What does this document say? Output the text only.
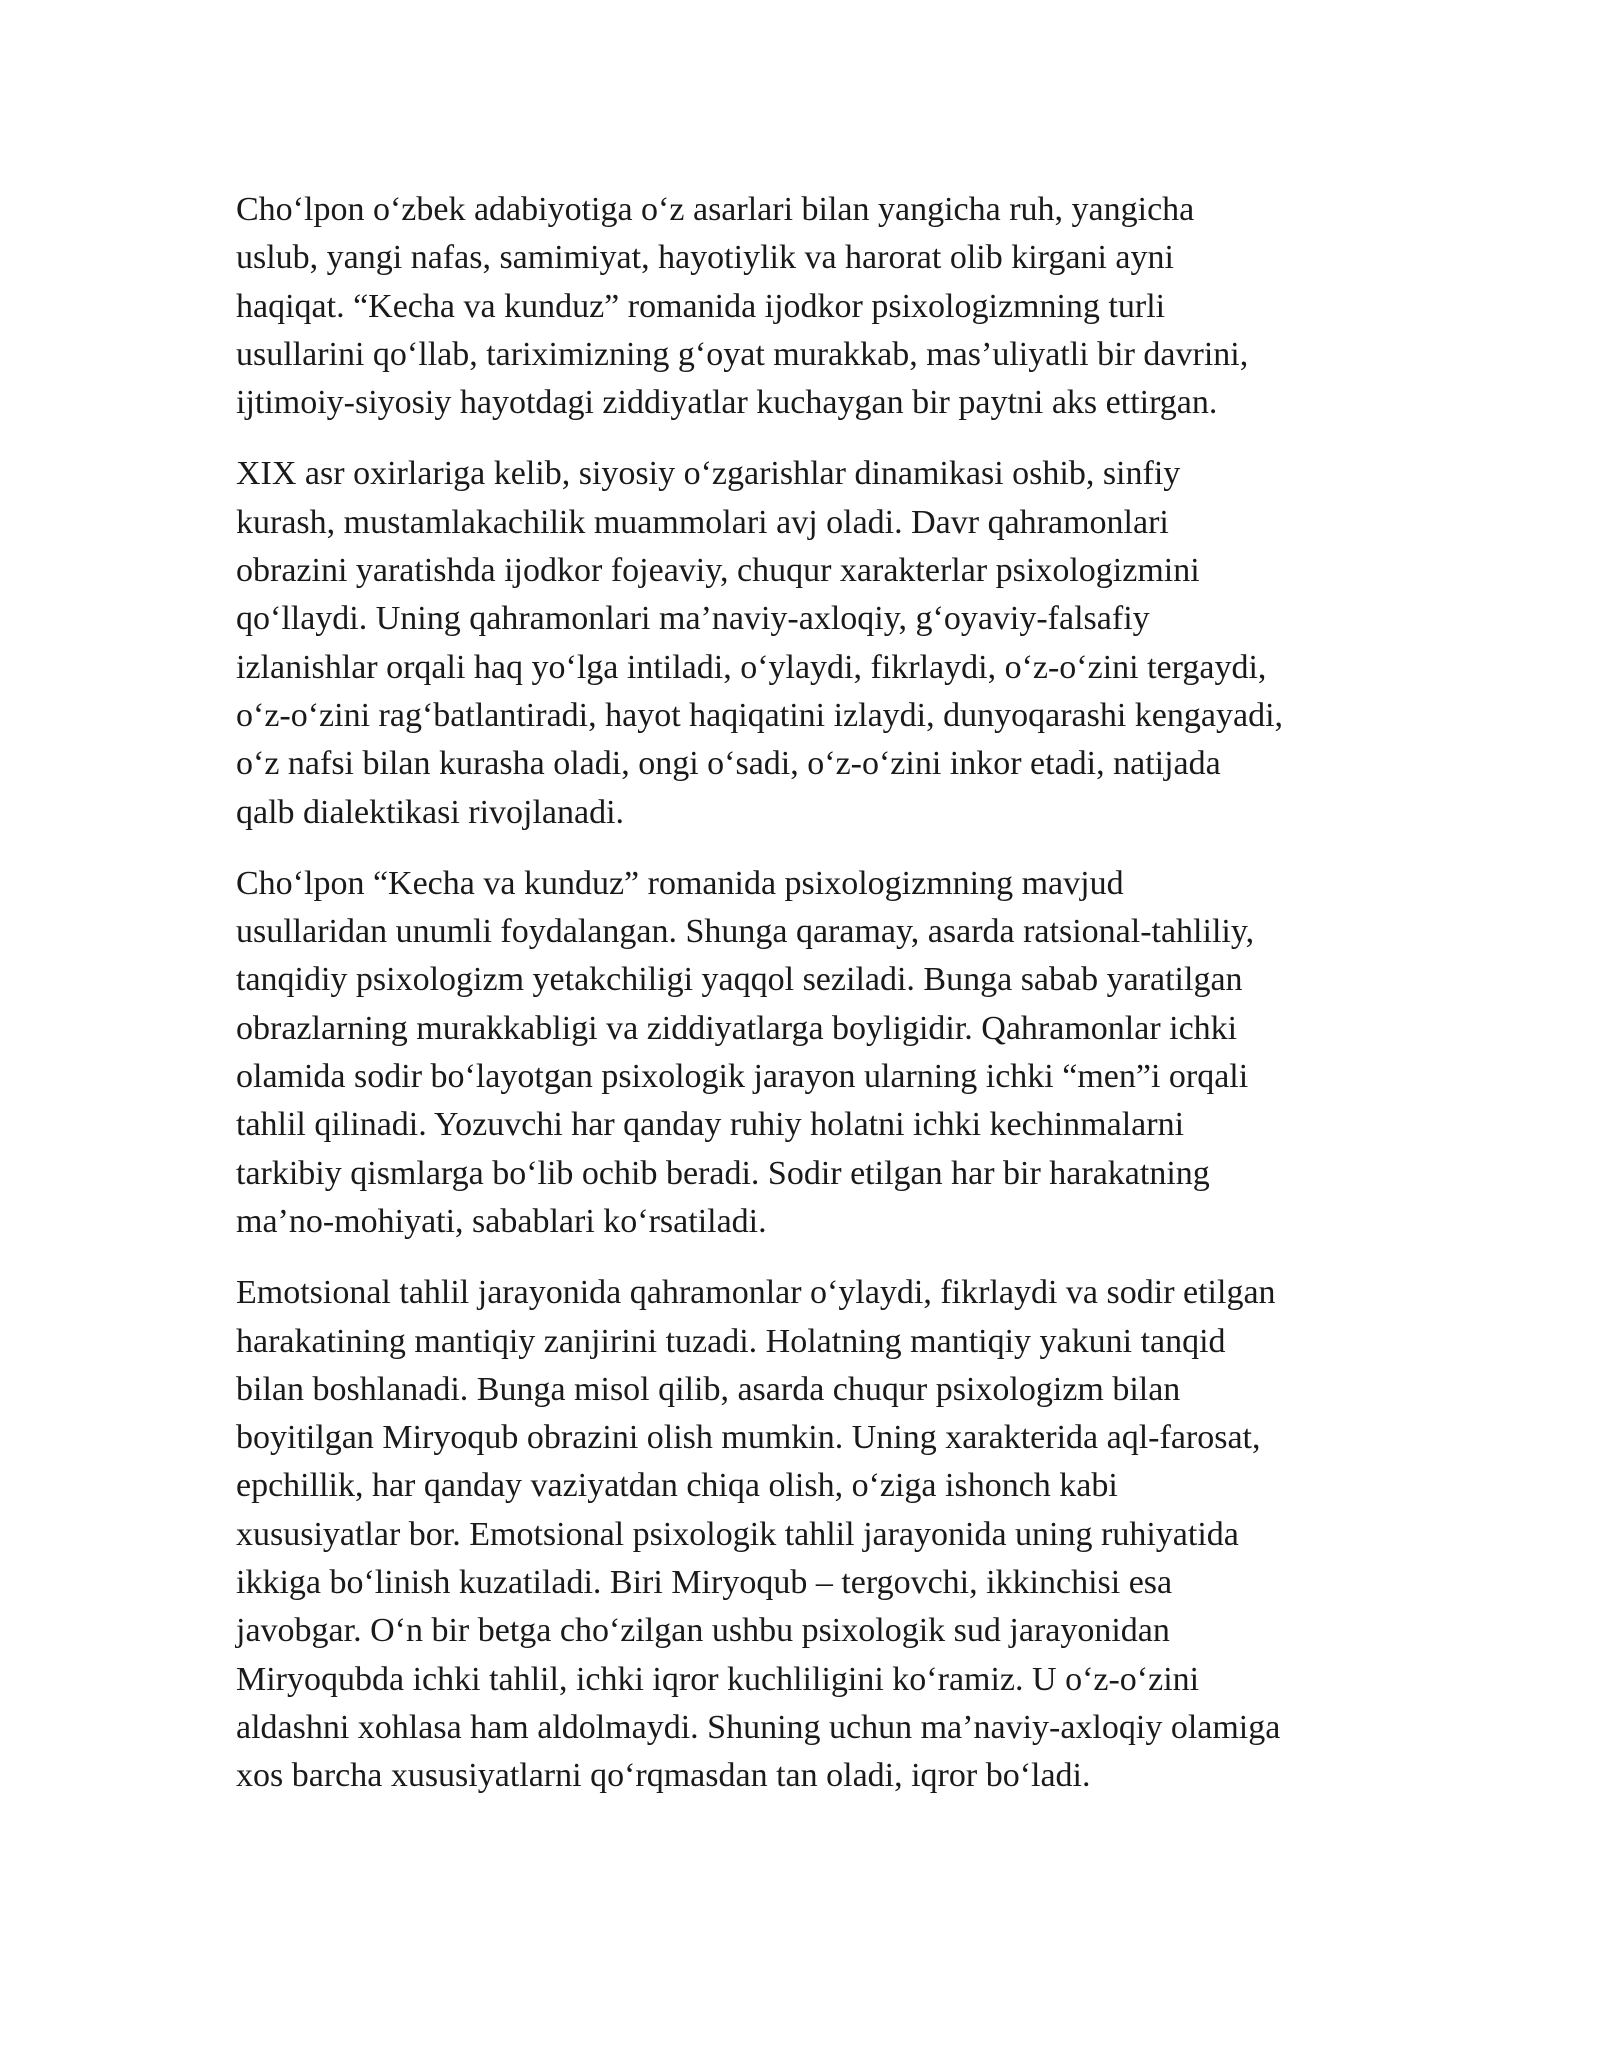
Cho‘lpon o‘zbek adabiyotiga o‘z asarlari bilan yangicha ruh, yangicha
uslub, yangi nafas, samimiyat, hayotiylik va harorat olib kirgani ayni
haqiqat. “Kecha va kunduz” romanida ijodkor psixologizmning turli
usullarini qo‘llab, tariximizning g‘oyat murakkab, mas’uliyatli bir davrini,
ijtimoiy-siyosiy hayotdagi ziddiyatlar kuchaygan bir paytni aks ettirgan.

XIX asr oxirlariga kelib, siyosiy o‘zgarishlar dinamikasi oshib, sinfiy
kurash, mustamlakachilik muammolari avj oladi. Davr qahramonlari
obrazini yaratishda ijodkor fojeaviy, chuqur xarakterlar psixologizmini
qo‘llaydi. Uning qahramonlari ma’naviy-axloqiy, g‘oyaviy-falsafiy
izlanishlar orqali haq yo‘lga intiladi, o‘ylaydi, fikrlaydi, o‘z-o‘zini tergaydi,
o‘z-o‘zini rag‘batlantiradi, hayot haqiqatini izlaydi, dunyoqarashi kengayadi,
o‘z nafsi bilan kurasha oladi, ongi o‘sadi, o‘z-o‘zini inkor etadi, natijada
qalb dialektikasi rivojlanadi.

Cho‘lpon “Kecha va kunduz” romanida psixologizmning mavjud
usullaridan unumli foydalangan. Shunga qaramay, asarda ratsional-tahliliy,
tanqidiy psixologizm yetakchiligi yaqqol seziladi. Bunga sabab yaratilgan
obrazlarning murakkabligi va ziddiyatlarga boyligidir. Qahramonlar ichki
olamida sodir bo‘layotgan psixologik jarayon ularning ichki “men”i orqali
tahlil qilinadi. Yozuvchi har qanday ruhiy holatni ichki kechinmalarni
tarkibiy qismlarga bo‘lib ochib beradi. Sodir etilgan har bir harakatning
ma’no-mohiyati, sabablari ko‘rsatiladi.

Emotsional tahlil jarayonida qahramonlar o‘ylaydi, fikrlaydi va sodir etilgan
harakatining mantiqiy zanjirini tuzadi. Holatning mantiqiy yakuni tanqid
bilan boshlanadi. Bunga misol qilib, asarda chuqur psixologizm bilan
boyitilgan Miryoqub obrazini olish mumkin. Uning xarakterida aql-farosat,
epchillik, har qanday vaziyatdan chiqa olish, o‘ziga ishonch kabi
xususiyatlar bor. Emotsional psixologik tahlil jarayonida uning ruhiyatida
ikkiga bo‘linish kuzatiladi. Biri Miryoqub – tergovchi, ikkinchisi esa
javobgar. O‘n bir betga cho‘zilgan ushbu psixologik sud jarayonidan
Miryoqubda ichki tahlil, ichki iqror kuchliligini ko‘ramiz. U o‘z-o‘zini
aldashni xohlasa ham aldolmaydi. Shuning uchun ma’naviy-axloqiy olamiga
xos barcha xususiyatlarni qo‘rqmasdan tan oladi, iqror bo‘ladi.
